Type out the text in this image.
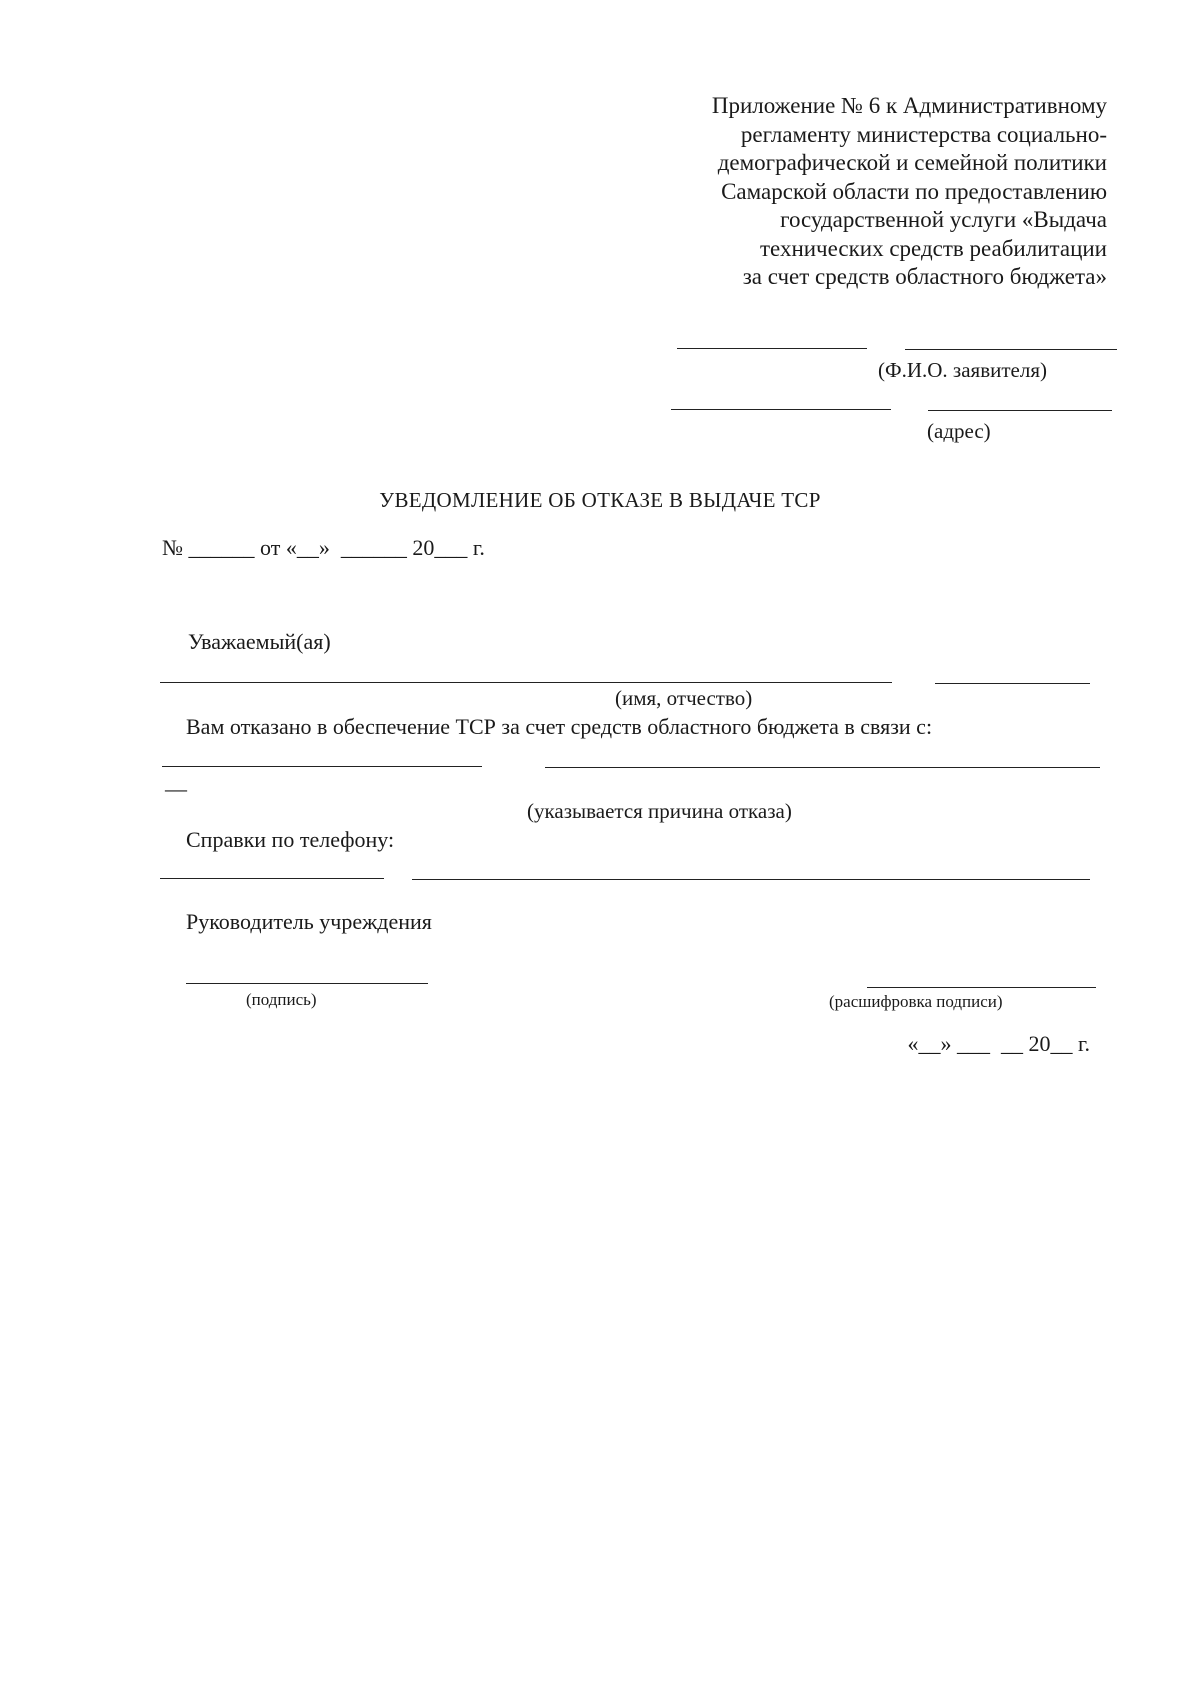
Приложение № 6 к Административному
регламенту министерства социально-
демографической и семейной политики
Самарской области по предоставлению
государственной услуги «Выдача
технических средств реабилитации
за счет средств областного бюджета»
(Ф.И.О. заявителя)
(адрес)
УВЕДОМЛЕНИЕ ОБ ОТКАЗЕ В ВЫДАЧЕ ТСР
№ ______ от «__»  ______ 20___ г.
Уважаемый(ая)
(имя, отчество)
Вам отказано в обеспечение ТСР за счет средств областного бюджета в связи с:
—
(указывается причина отказа)
Справки по телефону:
Руководитель учреждения
(подпись)	(расшифровка подписи)
«__» ___  __ 20__ г.
